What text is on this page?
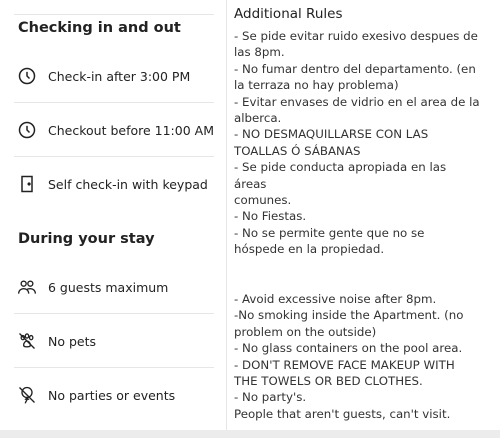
Checking in and out
Check-in after 3:00 PM
Checkout before 11:00 AM
Self check-in with keypad
During your stay
6 guests maximum
No pets
No parties or events
Additional Rules
- Se pide evitar ruido exesivo despues de
las 8pm.
- No fumar dentro del departamento. (en
la terraza no hay problema)
- Evitar envases de vidrio en el area de la
alberca.
- NO DESMAQUILLARSE CON LAS
TOALLAS Ó SÁBANAS
- Se pide conducta apropiada en las
áreas
comunes.
- No Fiestas.
- No se permite gente que no se
hóspede en la propiedad.
- Avoid excessive noise after 8pm.
-No smoking inside the Apartment. (no
problem on the outside)
- No glass containers on the pool area.
- DON'T REMOVE FACE MAKEUP WITH
THE TOWELS OR BED CLOTHES.
- No party's.
People that aren't guests, can't visit.
